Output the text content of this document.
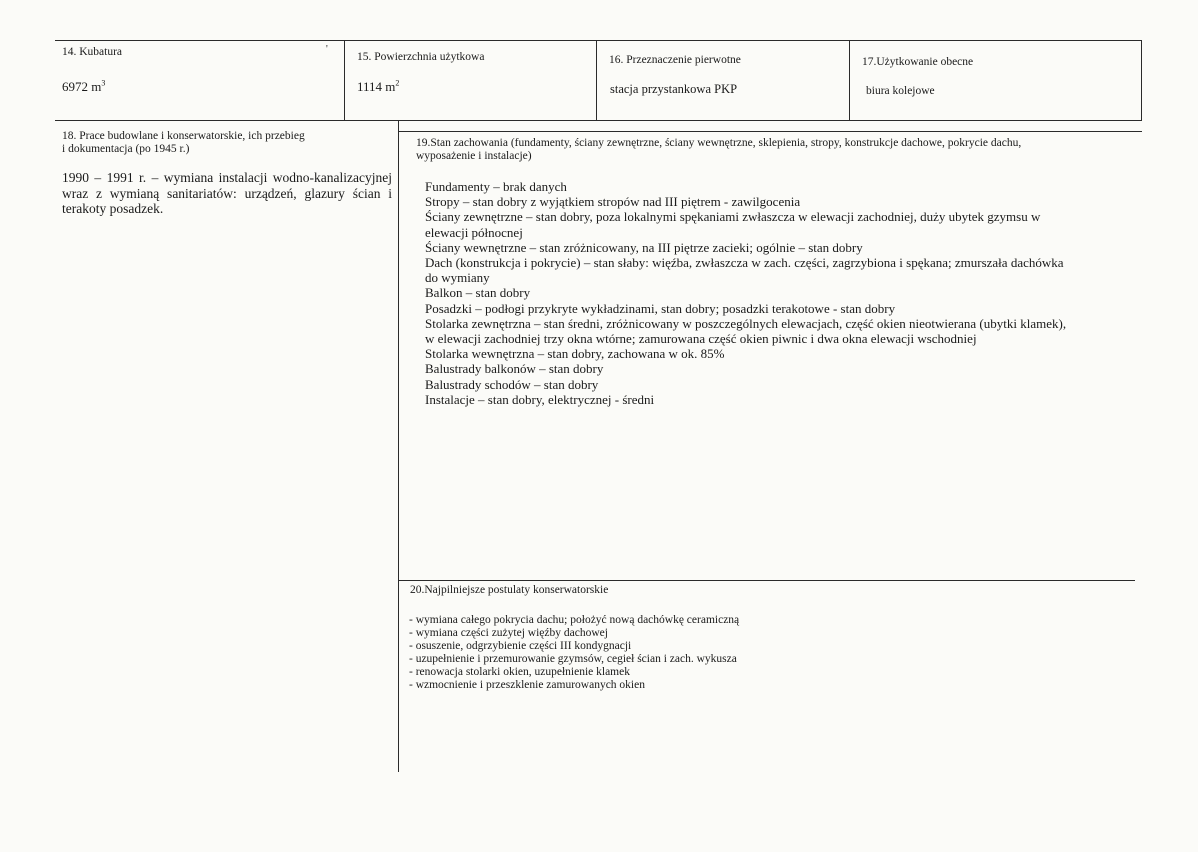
14. Kubatura	'
6972 $m^3$
15. Powierzchnia użytkowa
1114 $m^2$
16. Przeznaczenie pierwotne
stacja przystankowa PKP
17.Użytkowanie obecne
biura kolejowe
18. Prace budowlane i konserwatorskie, ich przebieg
i dokumentacja (po 1945 r.)
1990 – 1991 r. – wymiana instalacji wodno-kanalizacyjnej wraz z wymianą sanitariatów: urządzeń, glazury ścian i terakoty posadzek.
19.Stan zachowania (fundamenty, ściany zewnętrzne, ściany wewnętrzne, sklepienia, stropy, konstrukcje dachowe, pokrycie dachu,
wyposażenie i instalacje)
Fundamenty – brak danych
Stropy – stan dobry z wyjątkiem stropów nad III piętrem - zawilgocenia
Ściany zewnętrzne – stan dobry, poza lokalnymi spękaniami zwłaszcza w elewacji zachodniej, duży ubytek gzymsu w
elewacji północnej
Ściany wewnętrzne – stan zróżnicowany, na III piętrze zacieki; ogólnie – stan dobry
Dach (konstrukcja i pokrycie) – stan słaby: więźba, zwłaszcza w zach. części, zagrzybiona i spękana; zmurszała dachówka
do wymiany
Balkon – stan dobry
Posadzki – podłogi przykryte wykładzinami, stan dobry; posadzki terakotowe - stan dobry
Stolarka zewnętrzna – stan średni, zróżnicowany w poszczególnych elewacjach, część okien nieotwierana (ubytki klamek),
w elewacji zachodniej trzy okna wtórne; zamurowana część okien piwnic i dwa okna elewacji wschodniej
Stolarka wewnętrzna – stan dobry, zachowana w ok. 85%
Balustrady balkonów – stan dobry
Balustrady schodów – stan dobry
Instalacje – stan dobry, elektrycznej - średni
20.Najpilniejsze postulaty konserwatorskie
- wymiana całego pokrycia dachu; położyć nową dachówkę ceramiczną
- wymiana części zużytej więźby dachowej
- osuszenie, odgrzybienie części III kondygnacji
- uzupełnienie i przemurowanie gzymsów, cegieł ścian i zach. wykusza
- renowacja stolarki okien, uzupełnienie klamek
- wzmocnienie i przeszklenie zamurowanych okien
